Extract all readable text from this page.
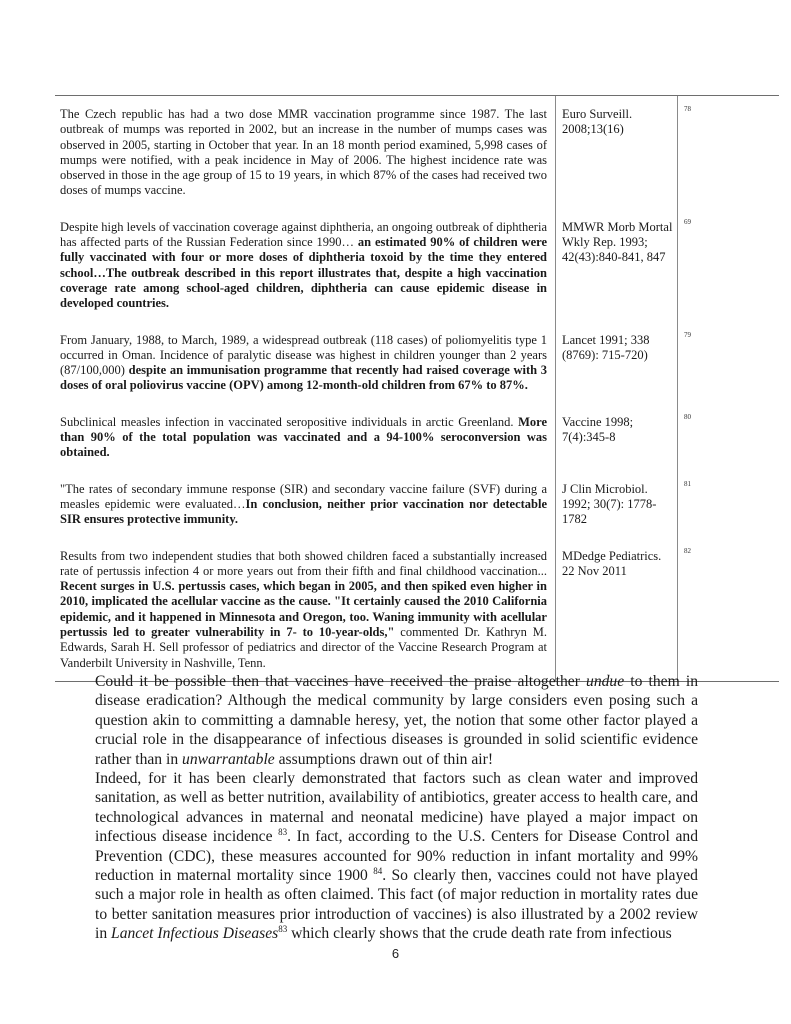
The Czech republic has had a two dose MMR vaccination programme since 1987. The last outbreak of mumps was reported in 2002, but an increase in the number of mumps cases was observed in 2005, starting in October that year. In an 18 month period examined, 5,998 cases of mumps were notified, with a peak incidence in May of 2006. The highest incidence rate was observed in those in the age group of 15 to 19 years, in which 87% of the cases had received two doses of mumps vaccine.	Euro Surveill. 2008;13(16)	78
Despite high levels of vaccination coverage against diphtheria, an ongoing outbreak of diphtheria has affected parts of the Russian Federation since 1990… an estimated 90% of children were fully vaccinated with four or more doses of diphtheria toxoid by the time they entered school…The outbreak described in this report illustrates that, despite a high vaccination coverage rate among school-aged children, diphtheria can cause epidemic disease in developed countries.	MMWR Morb Mortal Wkly Rep. 1993; 42(43):840-841, 847	69
From January, 1988, to March, 1989, a widespread outbreak (118 cases) of poliomyelitis type 1 occurred in Oman. Incidence of paralytic disease was highest in children younger than 2 years (87/100,000) despite an immunisation programme that recently had raised coverage with 3 doses of oral poliovirus vaccine (OPV) among 12-month-old children from 67% to 87%.	Lancet 1991; 338 (8769): 715-720)	79
Subclinical measles infection in vaccinated seropositive individuals in arctic Greenland. More than 90% of the total population was vaccinated and a 94-100% seroconversion was obtained.	Vaccine 1998; 7(4):345-8	80
"The rates of secondary immune response (SIR) and secondary vaccine failure (SVF) during a measles epidemic were evaluated…In conclusion, neither prior vaccination nor detectable SIR ensures protective immunity.	J Clin Microbiol. 1992; 30(7): 1778-1782	81
Results from two independent studies that both showed children faced a substantially increased rate of pertussis infection 4 or more years out from their fifth and final childhood vaccination... Recent surges in U.S. pertussis cases, which began in 2005, and then spiked even higher in 2010, implicated the acellular vaccine as the cause. "It certainly caused the 2010 California epidemic, and it happened in Minnesota and Oregon, too. Waning immunity with acellular pertussis led to greater vulnerability in 7- to 10-year-olds," commented Dr. Kathryn M. Edwards, Sarah H. Sell professor of pediatrics and director of the Vaccine Research Program at Vanderbilt University in Nashville, Tenn.	MDedge Pediatrics. 22 Nov 2011	82

Could it be possible then that vaccines have received the praise altogether undue to them in disease eradication? Although the medical community by large considers even posing such a question akin to committing a damnable heresy, yet, the notion that some other factor played a crucial role in the disappearance of infectious diseases is grounded in solid scientific evidence rather than in unwarrantable assumptions drawn out of thin air!

Indeed, for it has been clearly demonstrated that factors such as clean water and improved sanitation, as well as better nutrition, availability of antibiotics, greater access to health care, and technological advances in maternal and neonatal medicine) have played a major impact on infectious disease incidence $^{83}$. In fact, according to the U.S. Centers for Disease Control and Prevention (CDC), these measures accounted for 90% reduction in infant mortality and 99% reduction in maternal mortality since 1900 $^{84}$. So clearly then, vaccines could not have played such a major role in health as often claimed. This fact (of major reduction in mortality rates due to better sanitation measures prior introduction of vaccines) is also illustrated by a 2002 review in Lancet Infectious Diseases$^{83}$ which clearly shows that the crude death rate from infectious

6
